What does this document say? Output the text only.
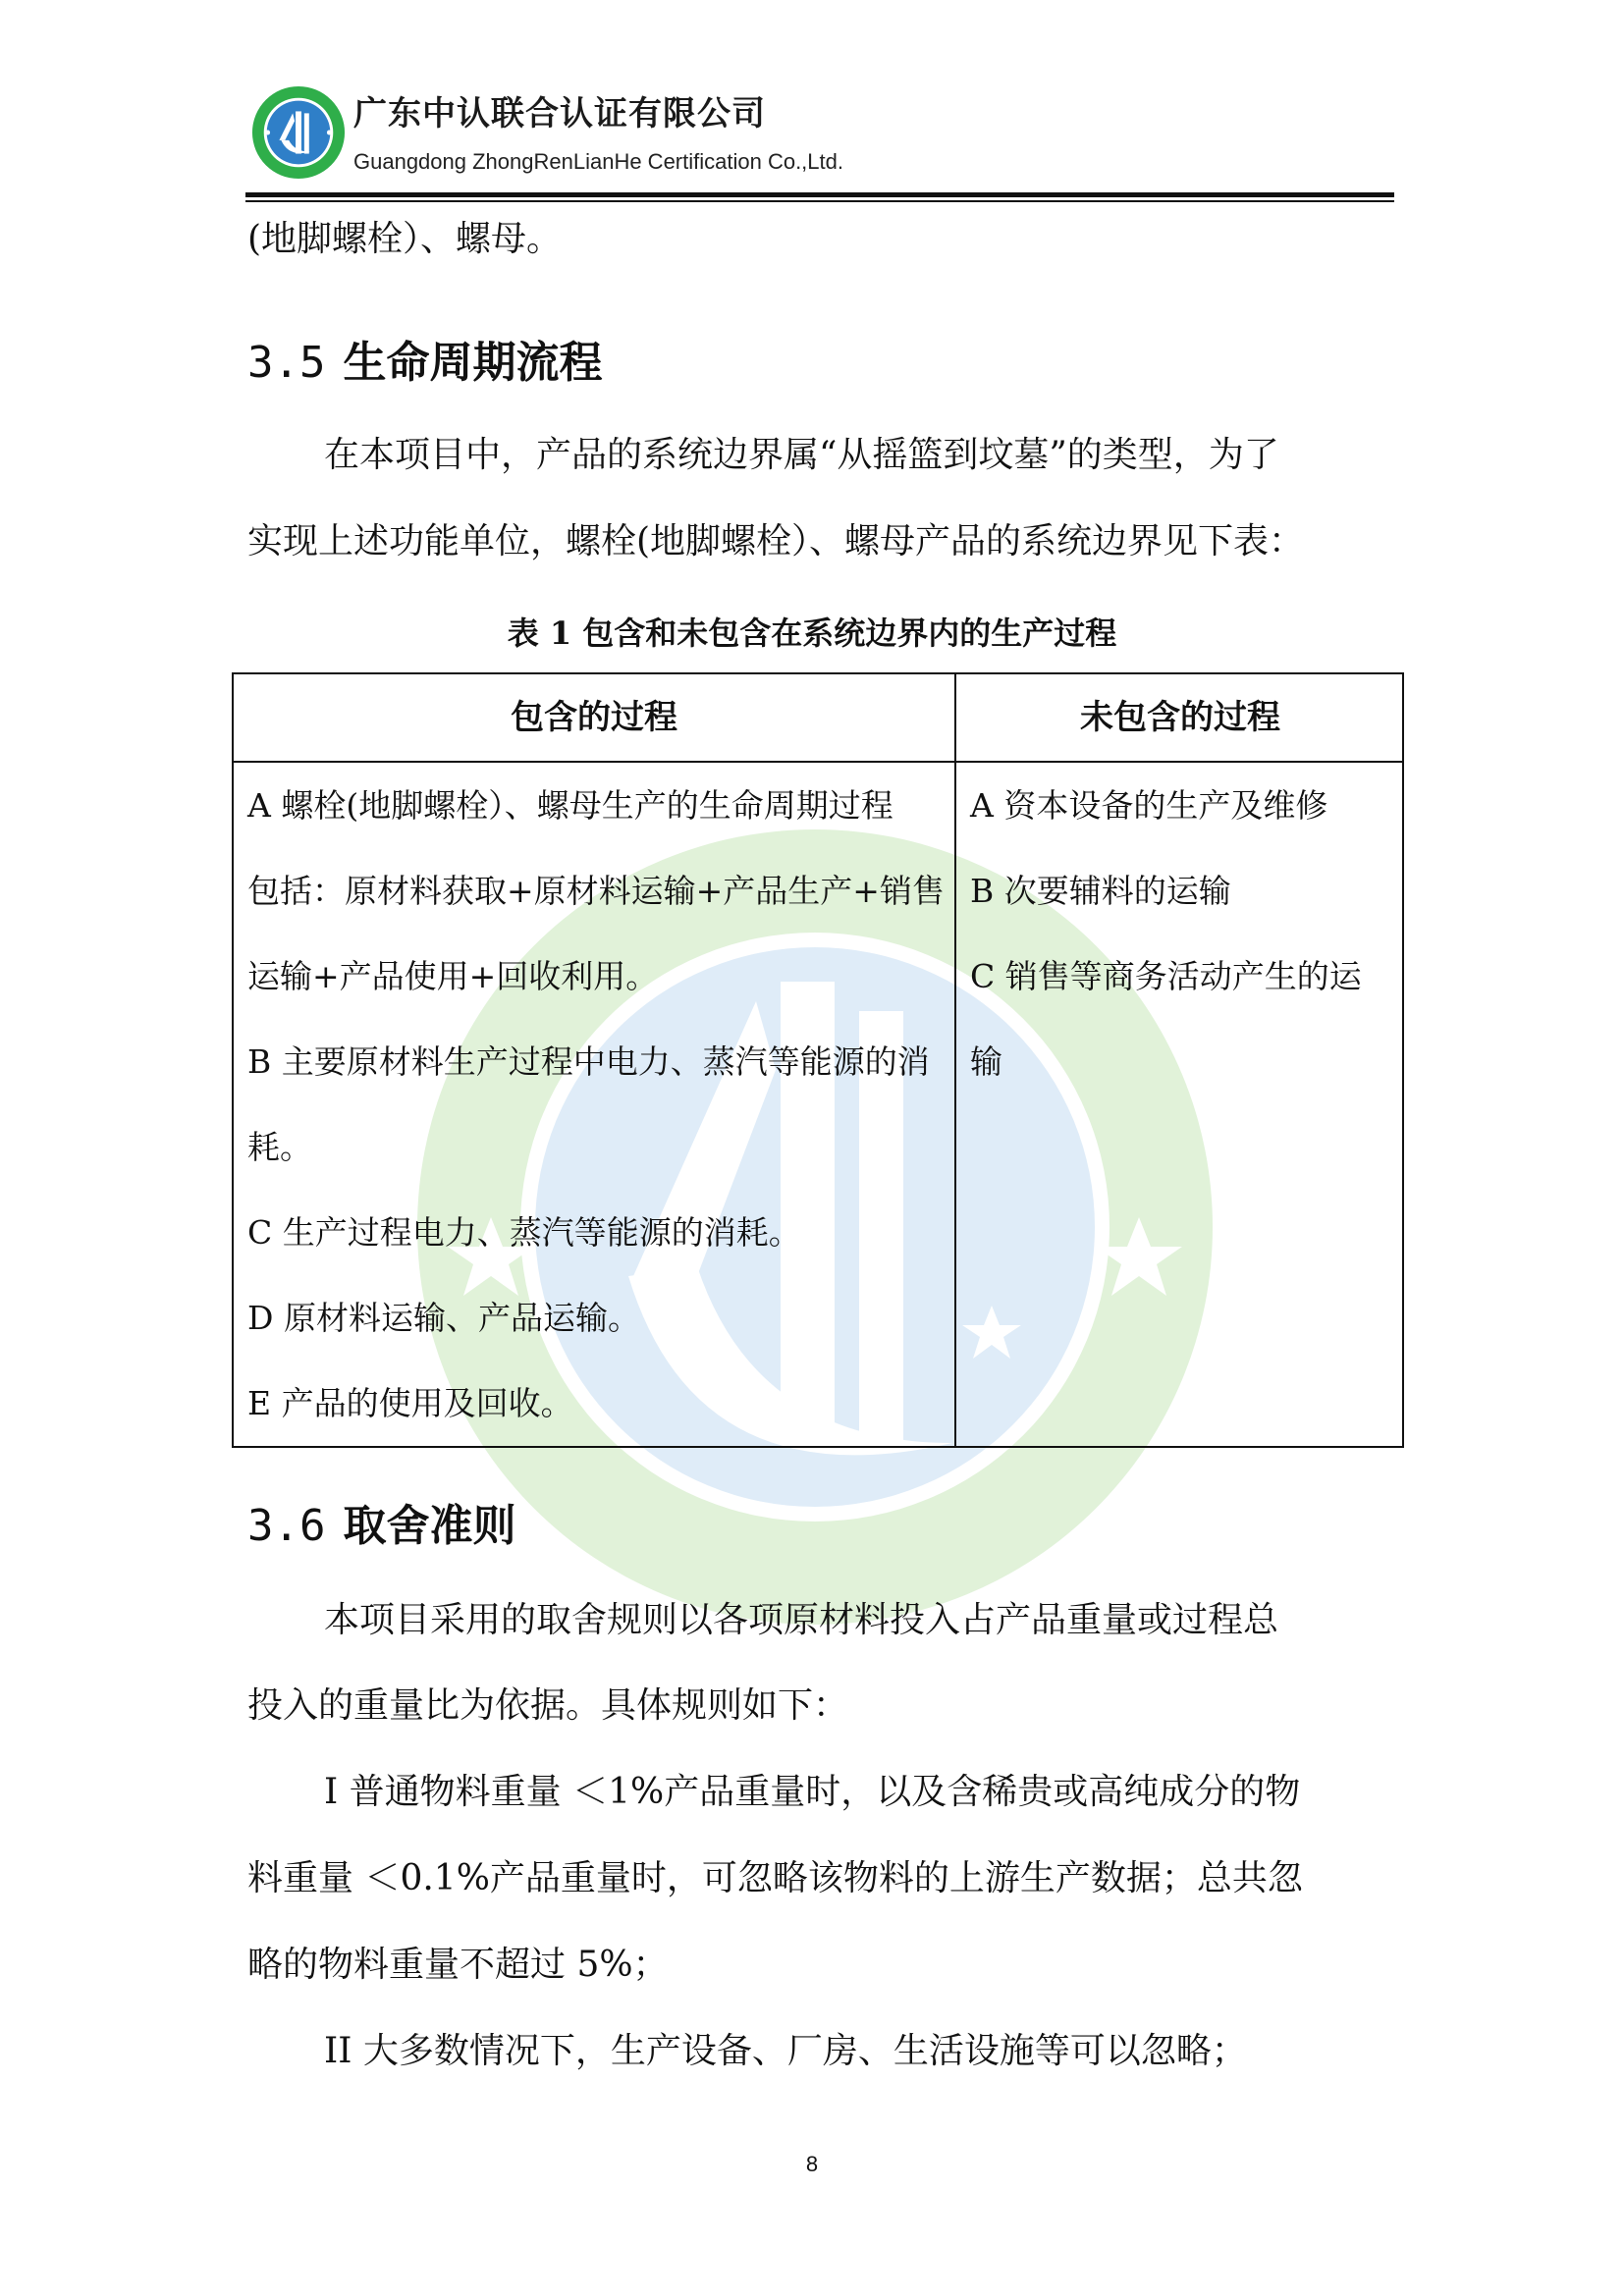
广东中认联合认证有限公司
Guangdong ZhongRenLianHe Certification Co.,Ltd.
(地脚螺栓）、螺母。
3.5 生命周期流程
在本项目中，产品的系统边界属“从摇篮到坟墓”的类型，为了
实现上述功能单位，螺栓(地脚螺栓）、螺母产品的系统边界见下表：
表 1 包含和未包含在系统边界内的生产过程
包含的过程	未包含的过程
A 螺栓(地脚螺栓）、螺母生产的生命周期过程
包括：原材料获取+原材料运输+产品生产+销售
运输+产品使用+回收利用。
B 主要原材料生产过程中电力、蒸汽等能源的消
耗。
C 生产过程电力、蒸汽等能源的消耗。
D 原材料运输、产品运输。
E 产品的使用及回收。
A 资本设备的生产及维修
B 次要辅料的运输
C 销售等商务活动产生的运
输
3.6 取舍准则
本项目采用的取舍规则以各项原材料投入占产品重量或过程总
投入的重量比为依据。具体规则如下：
I 普通物料重量 ＜1%产品重量时，以及含稀贵或高纯成分的物
料重量 ＜0.1%产品重量时，可忽略该物料的上游生产数据；总共忽
略的物料重量不超过 5%；
II 大多数情况下，生产设备、厂房、生活设施等可以忽略；
8
